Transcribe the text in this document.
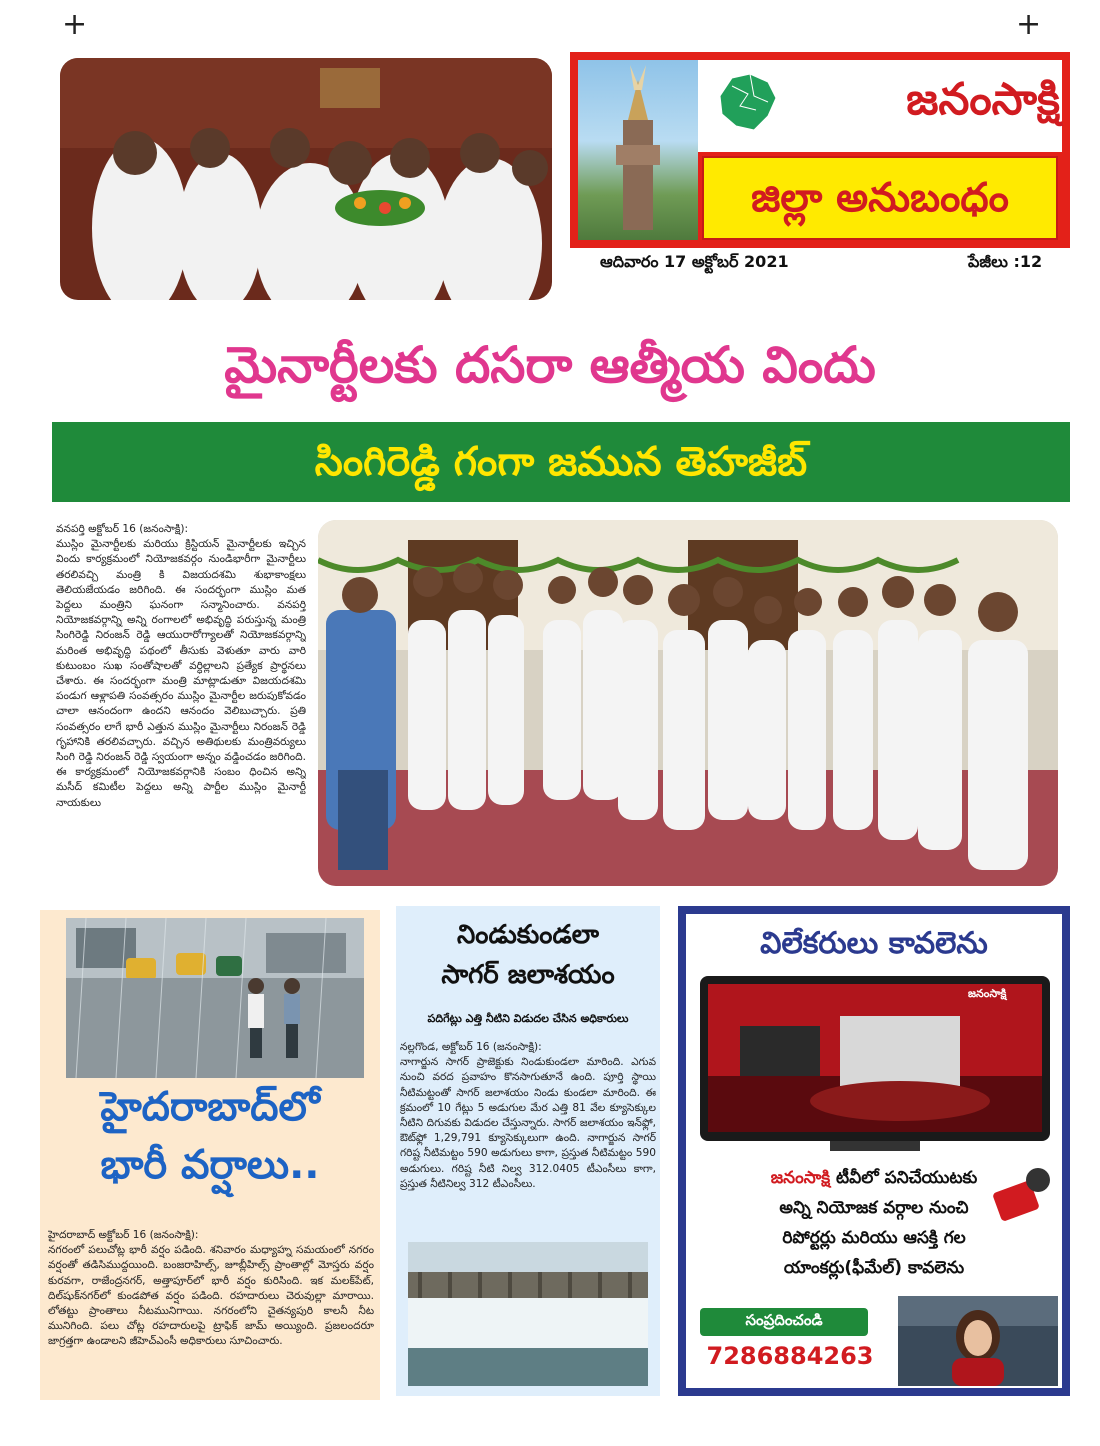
+	+
జనంసాక్షి
జిల్లా అనుబంధం
ఆదివారం 17 అక్టోబర్ 2021	పేజీలు :12
మైనార్టీలకు దసరా ఆత్మీయ విందు
సింగిరెడ్డి గంగా జమున తెహజీబ్
వనపర్తి అక్టోబర్ 16 (జనంసాక్షి):
ముస్లిం మైనార్టీలకు మరియు క్రిస్టియన్ మైనార్టీలకు ఇచ్చిన విందు కార్యక్రమంలో నియోజకవర్గం నుండిభారీగా మైనార్టీలు తరలివచ్చి మంత్రి కి విజయదశమి శుభాకాంక్షలు తెలియజేయడం జరిగింది. ఈ సందర్భంగా ముస్లిం మత పెద్దలు మంత్రిని ఘనంగా సన్మానించారు. వనపర్తి నియోజకవర్గాన్ని అన్ని రంగాలలో అభివృద్ధి పరుస్తున్న మంత్రి సింగిరెడ్డి నిరంజన్ రెడ్డి ఆయురారోగ్యాలతో నియోజకవర్గాన్ని మరింత అభివృద్ధి పథంలో తీసుకు వెళుతూ వారు వారి కుటుంబం సుఖ సంతోషాలతో వర్ధిల్లాలని ప్రత్యేక ప్రార్థనలు చేశారు. ఈ సందర్భంగా మంత్రి మాట్లాడుతూ విజయదశమి పండుగ ఆళ్లాపతి సంవత్సరం ముస్లిం మైనార్టీల జరుపుకోవడం చాలా ఆనందంగా ఉందని ఆనందం వెలిబుచ్చారు. ప్రతి సంవత్సరం లాగే భారీ ఎత్తున ముస్లిం మైనార్టీలు నిరంజన్ రెడ్డి గృహానికి తరలివచ్చారు. వచ్చిన అతిథులకు మంత్రివర్యులు సింగి రెడ్డి నిరంజన్ రెడ్డి స్వయంగా అన్నం వడ్డించడం జరిగింది. ఈ కార్యక్రమంలో నియోజకవర్గానికి సంబం ధించిన అన్ని మసీద్ కమిటీల పెద్దలు అన్ని పార్టీల ముస్లిం మైనార్టీ నాయకులు
హైదరాబాద్‌లో
భారీ వర్షాలు..
హైదరాబాద్ అక్టోబర్ 16 (జనంసాక్షి):
నగరంలో పలుచోట్ల భారీ వర్షం పడింది. శనివారం మధ్యాహ్న సమయంలో నగరం వర్షంతో తడిసిముద్దయింది. బంజరాహిల్స్, జూబ్లీహిల్స్ ప్రాంతాల్లో మోస్తరు వర్షం కురవగా, రాజేంద్రనగర్, అత్తాపూర్‌లో భారీ వర్షం కురిసింది. ఇక మలక్‌పేట్, దిల్‌షుక్‌నగర్‌లో కుండపోత వర్షం పడింది. రహదారులు చెరువుల్లా మారాయి. లోతట్టు ప్రాంతాలు నీటమునిగాయి. నగరంలోని చైతన్యపురి కాలనీ నీట మునిగింది. పలు చోట్ల రహదారులపై ట్రాఫిక్ జామ్ అయ్యింది. ప్రజలందరూ జాగ్రత్తగా ఉండాలని జీహెచ్ఎంసీ అధికారులు సూచించారు.
నిండుకుండలా
సాగర్ జలాశయం
పదిగేట్లు ఎత్తి నీటిని విడుదల చేసిన అధికారులు
నల్లగొండ, అక్టోబర్ 16 (జనంసాక్షి):
నాగార్జున సాగర్ ప్రాజెక్టుకు నిండుకుండలా మారింది. ఎగువ నుంచి వరద ప్రవాహం కొనసాగుతూనే ఉంది. పూర్తి స్థాయి నీటిమట్టంతో సాగర్ జలాశయం నిండు కుండలా మారింది. ఈ క్రమంలో 10 గేట్లు 5 అడుగుల మేర ఎత్తి 81 వేల క్యూసెక్కుల నీటిని దిగువకు విడుదల చేస్తున్నారు. సాగర్ జలాశయం ఇన్‌ఫ్లో, ఔట్‌ఫ్లో 1,29,791 క్యూసెక్కులుగా ఉంది. నాగార్జున సాగర్ గరిష్ట నీటిమట్టం 590 అడుగులు కాగా, ప్రస్తుత నీటిమట్టం 590 అడుగులు. గరిష్ట నీటి నిల్వ 312.0405 టీఎంసీలు కాగా, ప్రస్తుత నీటినిల్వ 312 టీఎంసీలు.
విలేకరులు కావలెను
జనంసాక్షి
జనంసాక్షి టీవీలో పనిచేయుటకు
అన్ని నియోజక వర్గాల నుంచి
రిపోర్టర్లు మరియు ఆసక్తి గల
యాంకర్లు(ఫీమేల్) కావలెను
సంప్రదించండి
7286884263
